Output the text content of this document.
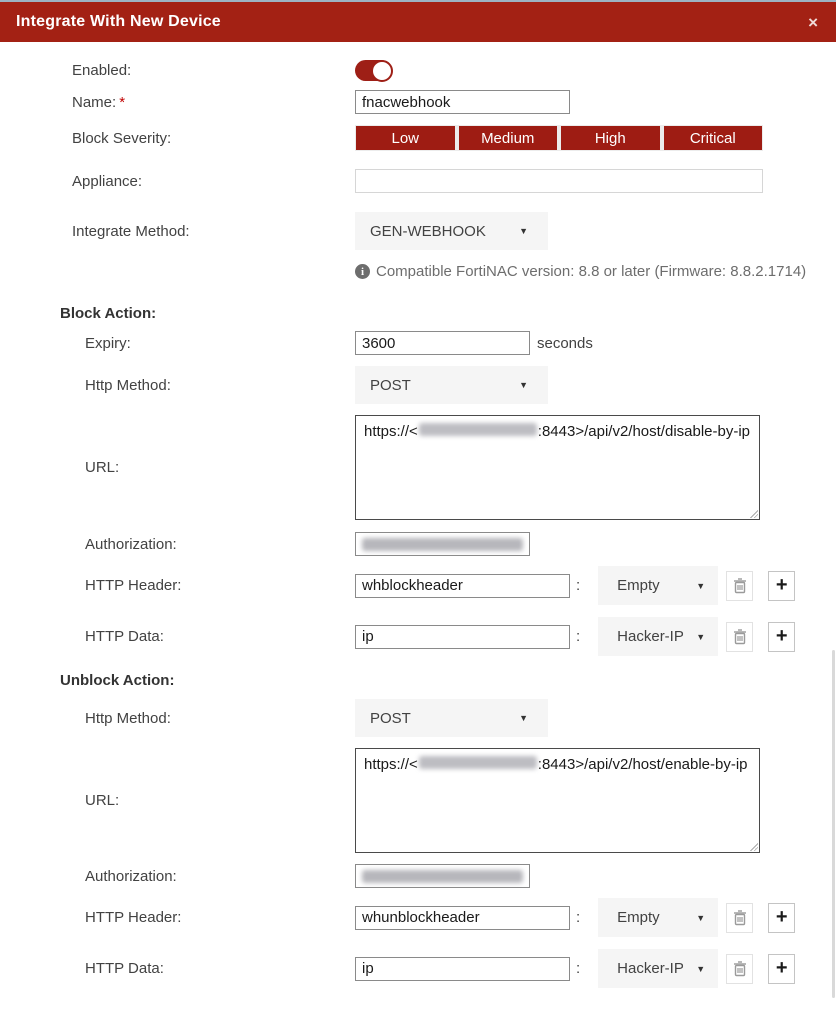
Integrate With New Device	×
Enabled:
Name: *
fnacwebhook
Block Severity:	Low	Medium	High	Critical
Appliance:
Integrate Method:	GEN-WEBHOOK	▼
i Compatible FortiNAC version: 8.8 or later (Firmware: 8.8.2.1714)
Block Action:
Expiry:
3600	seconds
Http Method:	POST	▼
URL:
https://<	:8443>/api/v2/host/disable-by-ip
Authorization:
HTTP Header:
whblockheader	: Empty	▼	+
HTTP Data:
ip	: Hacker-IP ▼	+
Unblock Action:
Http Method:	POST	▼
URL:
https://<	:8443>/api/v2/host/enable-by-ip
Authorization:
HTTP Header:
whunblockheader	: Empty	▼	+
HTTP Data:
ip	: Hacker-IP ▼	+
